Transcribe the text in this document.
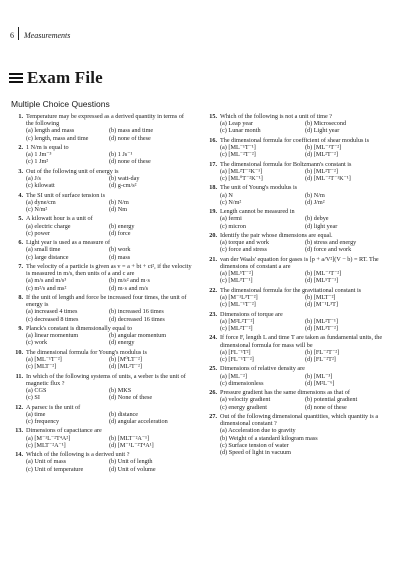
6 Measurements
Exam File
Multiple Choice Questions
1. Temperature may be expressed as a derived quantity in terms of the following
(a) length and mass	(b) mass and time
(c) length, mass and time	(d) none of these
2. 1 N/m is equal to
(a) 1 Jm⁻³	(b) 1 Js⁻¹
(c) 1 Jm²	(d) none of these
3. Out of the following unit of energy is
(a) J/s	(b) watt-day
(c) kilowatt	(d) g-cm/s²
4. The SI unit of surface tension is
(a) dyne/cm	(b) N/m
(c) N/m²	(d) Nm
5. A kilowatt hour is a unit of
(a) electric charge	(b) energy
(c) power	(d) force
6. Light year is used as a measure of
(a) small time	(b) work
(c) large distance	(d) mass
7. The velocity of a particle is given as v = a + bt + ct², if the velocity is measured in m/s, then units of a and c are
(a) m/s and m/s³	(b) m/s² and m·s
(c) m²/s and ms²	(d) m·s and m/s
8. If the unit of length and force be increased four times, the unit of energy is
(a) increased 4 times	(b) increased 16 times
(c) decreased 8 times	(d) decreased 16 times
9. Planck's constant is dimensionally equal to
(a) linear momentum	(b) angular momentum
(c) work	(d) energy
10. The dimensional formula for Young's modulus is
(a) [ML⁻¹T⁻²]	(b) [M⁰LT⁻²]
(c) [MLT⁻²]	(d) [ML²T⁻²]
11. In which of the following systems of units, a weber is the unit of magnetic flux ?
(a) CGS	(b) MKS
(c) SI	(d) None of these
12. A parsec is the unit of
(a) time	(b) distance
(c) frequency	(d) angular acceleration
13. Dimensions of capacitance are
(a) [M⁻¹L⁻²T⁴A²]	(b) [MLT⁻²A⁻¹]
(c) [MLT⁻²A⁻¹]	(d) [M⁻¹L⁻²T⁴A¹]
14. Which of the following is a derived unit ?
(a) Unit of mass	(b) Unit of length
(c) Unit of temperature	(d) Unit of volume
15. Which of the following is not a unit of time ?
(a) Leap year	(b) Microsecond
(c) Lunar month	(d) Light year
16. The dimensional formula for coefficient of shear modulus is
(a) [ML⁻¹T⁻¹]	(b) [ML⁻¹T⁻²]
(c) [ML⁻²T⁻²]	(d) [ML²T⁻²]
17. The dimensional formula for Boltzmann's constant is
(a) [ML²T⁻²K⁻¹]	(b) [ML²T⁻²]
(c) [ML⁰T⁻²K⁻¹]	(d) [ML⁻²T⁻¹K⁻¹]
18. The unit of Young's modulus is
(a) N	(b) N/m
(c) N/m²	(d) J/m²
19. Length cannot be measured in
(a) fermi	(b) debye
(c) micron	(d) light year
20. Identify the pair whose dimensions are equal.
(a) torque and work	(b) stress and energy
(c) force and stress	(d) force and work
21. van der Waals' equation for gases is [p + a/V²](V − b) = RT. The dimensions of constant a are
(a) [ML⁵T⁻²]	(b) [ML⁻¹T⁻²]
(c) [ML³T⁻¹]	(d) [ML⁵T⁻¹]
22. The dimensional formula for the gravitational constant is
(a) [M⁻¹L³T⁻²]	(b) [MLT⁻²]
(c) [ML⁻¹T⁻²]	(d) [M⁻¹L³T]
23. Dimensions of torque are
(a) [M²L²T⁻²]	(b) [ML²T⁻¹]
(c) [ML²T⁻²]	(d) [ML³T⁻²]
24. If force F, length L and time T are taken as fundamental units, the dimensional formula for mass will be
(a) [FL⁻¹T²]	(b) [FL⁻²T⁻²]
(c) [FL⁻¹T⁻²]	(d) [FL⁻²T²]
25. Dimensions of relative density are
(a) [ML⁻²]	(b) [ML⁻³]
(c) dimensionless	(d) [M²L⁻⁶]
26. Pressure gradient has the same dimensions as that of
(a) velocity gradient	(b) potential gradient
(c) energy gradient	(d) none of these
27. Out of the following dimensional quantities, which quantity is a dimensional constant ?
(a) Acceleration due to gravity
(b) Weight of a standard kilogram mass
(c) Surface tension of water
(d) Speed of light in vacuum
